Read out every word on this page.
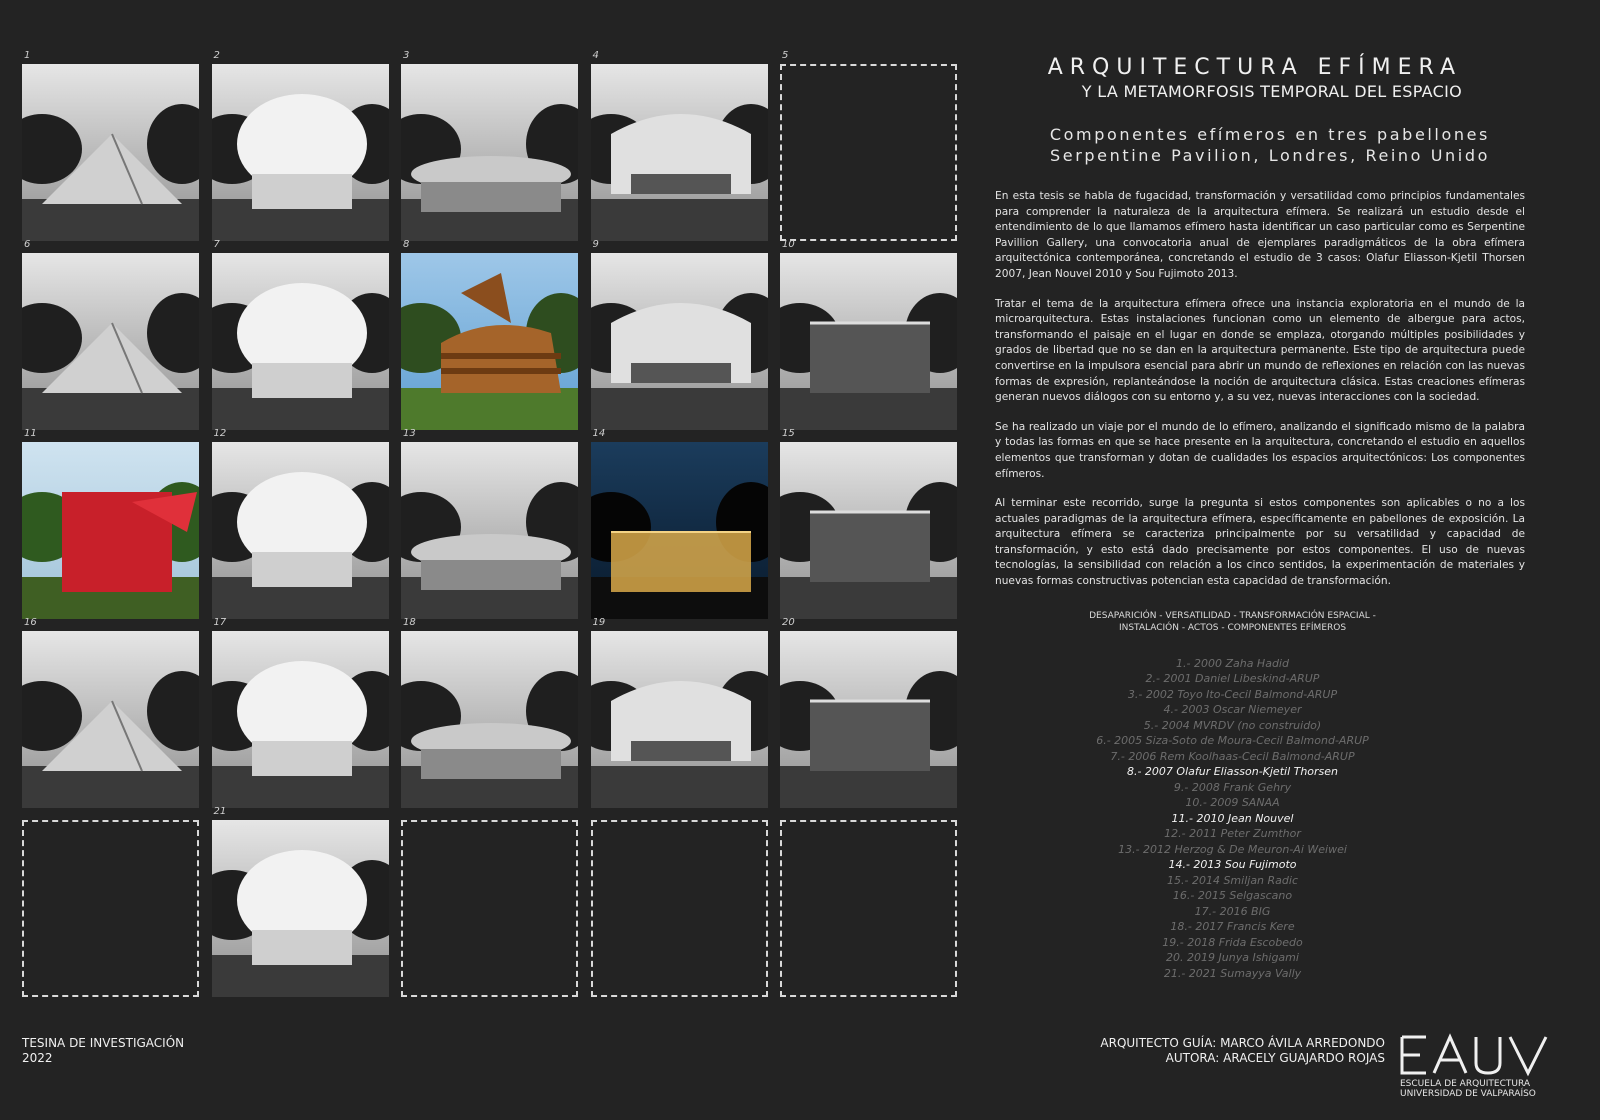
1	2	3	4	5
6	7	8	9	10
11	12	13	14	15
16	17	18	19	20
21
ARQUITECTURA EFÍMERA
Y LA METAMORFOSIS TEMPORAL DEL ESPACIO
Componentes efímeros en tres pabellones
Serpentine Pavilion, Londres, Reino Unido

En esta tesis se habla de fugacidad, transformación y versatilidad como principios fundamentales para comprender la naturaleza de la arquitectura efímera. Se realizará un estudio desde el entendimiento de lo que llamamos efímero hasta identificar un caso particular como es Serpentine Pavillion Gallery, una convocatoria anual de ejemplares paradigmáticos de la obra efímera arquitectónica contemporánea, concretando el estudio de 3 casos: Olafur Eliasson-Kjetil Thorsen 2007, Jean Nouvel 2010 y Sou Fujimoto 2013.

Tratar el tema de la arquitectura efímera ofrece una instancia exploratoria en el mundo de la microarquitectura. Estas instalaciones funcionan como un elemento de albergue para actos, transformando el paisaje en el lugar en donde se emplaza, otorgando múltiples posibilidades y grados de libertad que no se dan en la arquitectura permanente. Este tipo de arquitectura puede convertirse en la impulsora esencial para abrir un mundo de reflexiones en relación con las nuevas formas de expresión, replanteándose la noción de arquitectura clásica. Estas creaciones efímeras generan nuevos diálogos con su entorno y, a su vez, nuevas interacciones con la sociedad.

Se ha realizado un viaje por el mundo de lo efímero, analizando el significado mismo de la palabra y todas las formas en que se hace presente en la arquitectura, concretando el estudio en aquellos elementos que transforman y dotan de cualidades los espacios arquitectónicos: Los componentes efímeros.

Al terminar este recorrido, surge la pregunta si estos componentes son aplicables o no a los actuales paradigmas de la arquitectura efímera, específicamente en pabellones de exposición. La arquitectura efímera se caracteriza principalmente por su versatilidad y capacidad de transformación, y esto está dado precisamente por estos componentes. El uso de nuevas tecnologías, la sensibilidad con relación a los cinco sentidos, la experimentación de materiales y nuevas formas constructivas potencian esta capacidad de transformación.

DESAPARICIÓN - VERSATILIDAD - TRANSFORMACIÓN ESPACIAL -
INSTALACIÓN - ACTOS - COMPONENTES EFÍMEROS
1.- 2000 Zaha Hadid
2.- 2001 Daniel Libeskind-ARUP
3.- 2002 Toyo Ito-Cecil Balmond-ARUP
4.- 2003 Oscar Niemeyer
5.- 2004 MVRDV (no construido)
6.- 2005 Siza-Soto de Moura-Cecil Balmond-ARUP
7.- 2006 Rem Koolhaas-Cecil Balmond-ARUP
8.- 2007 Olafur Eliasson-Kjetil Thorsen
9.- 2008 Frank Gehry
10.- 2009 SANAA
11.- 2010 Jean Nouvel
12.- 2011 Peter Zumthor
13.- 2012 Herzog & De Meuron-Ai Weiwei
14.- 2013 Sou Fujimoto
15.- 2014 Smiljan Radic
16.- 2015 Selgascano
17.- 2016 BIG
18.- 2017 Francis Kere
19.- 2018 Frida Escobedo
20. 2019 Junya Ishigami
21.- 2021 Sumayya Vally
TESINA DE INVESTIGACIÓN
2022
ARQUITECTO GUÍA: MARCO ÁVILA ARREDONDO
AUTORA: ARACELY GUAJARDO ROJAS
ESCUELA DE ARQUITECTURA
UNIVERSIDAD DE VALPARAÍSO
